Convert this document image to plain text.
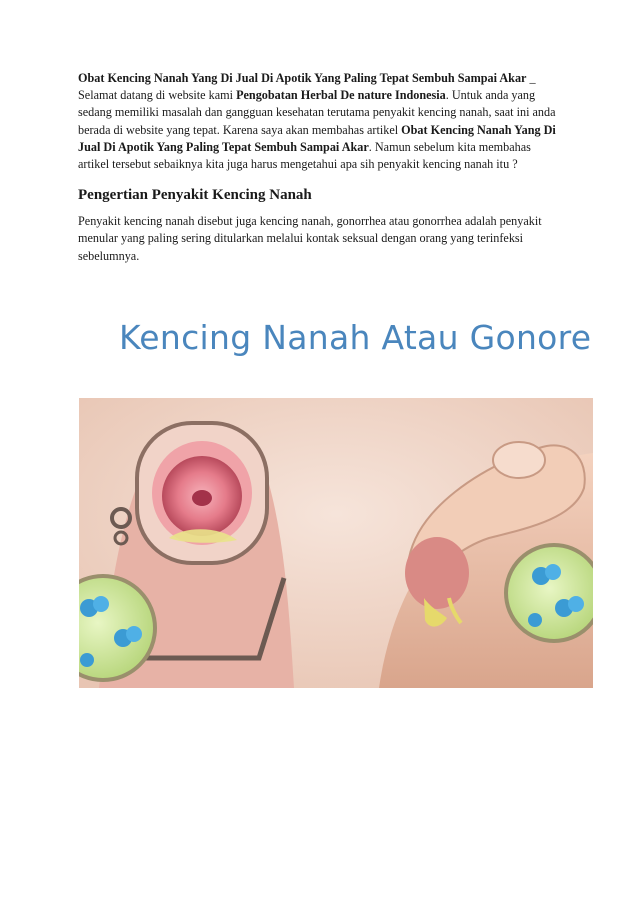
Obat Kencing Nanah Yang Di Jual Di Apotik Yang Paling Tepat Sembuh Sampai Akar _ Selamat datang di website kami Pengobatan Herbal De nature Indonesia. Untuk anda yang sedang memiliki masalah dan gangguan kesehatan terutama penyakit kencing nanah, saat ini anda berada di website yang tepat. Karena saya akan membahas artikel Obat Kencing Nanah Yang Di Jual Di Apotik Yang Paling Tepat Sembuh Sampai Akar. Namun sebelum kita membahas artikel tersebut sebaiknya kita juga harus mengetahui apa sih penyakit kencing nanah itu ?

Pengertian Penyakit Kencing Nanah

Penyakit kencing nanah disebut juga kencing nanah, gonorrhea atau gonorrhea adalah penyakit menular yang paling sering ditularkan melalui kontak seksual dengan orang yang terinfeksi sebelumnya.

Kencing Nanah Atau Gonore
